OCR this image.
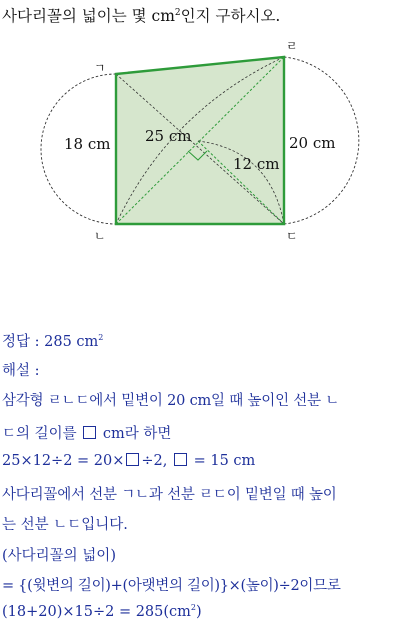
사다리꼴의 넓이는 몇 $cm^2$인지 구하시오.
ㄱ
ㄹ
ㄴ	ㄷ
18 cm	20 cm
25 cm
12 cm
정답 : 285 $cm^2$
해설 :
삼각형 ㄹㄴㄷ에서 밑변이 20 cm일 때 높이인 선분 ㄴ
ㄷ의 길이를  cm라 하면
25×12÷2 = 20× ÷2,  = 15 cm
사다리꼴에서 선분 ㄱㄴ과 선분 ㄹㄷ이 밑변일 때 높이
는 선분 ㄴㄷ입니다.
(사다리꼴의 넓이)
= {(윗변의 길이)+(아랫변의 길이)}×(높이)÷2이므로
$(18+20)\times 15\div 2 = 285(cm^2)$
